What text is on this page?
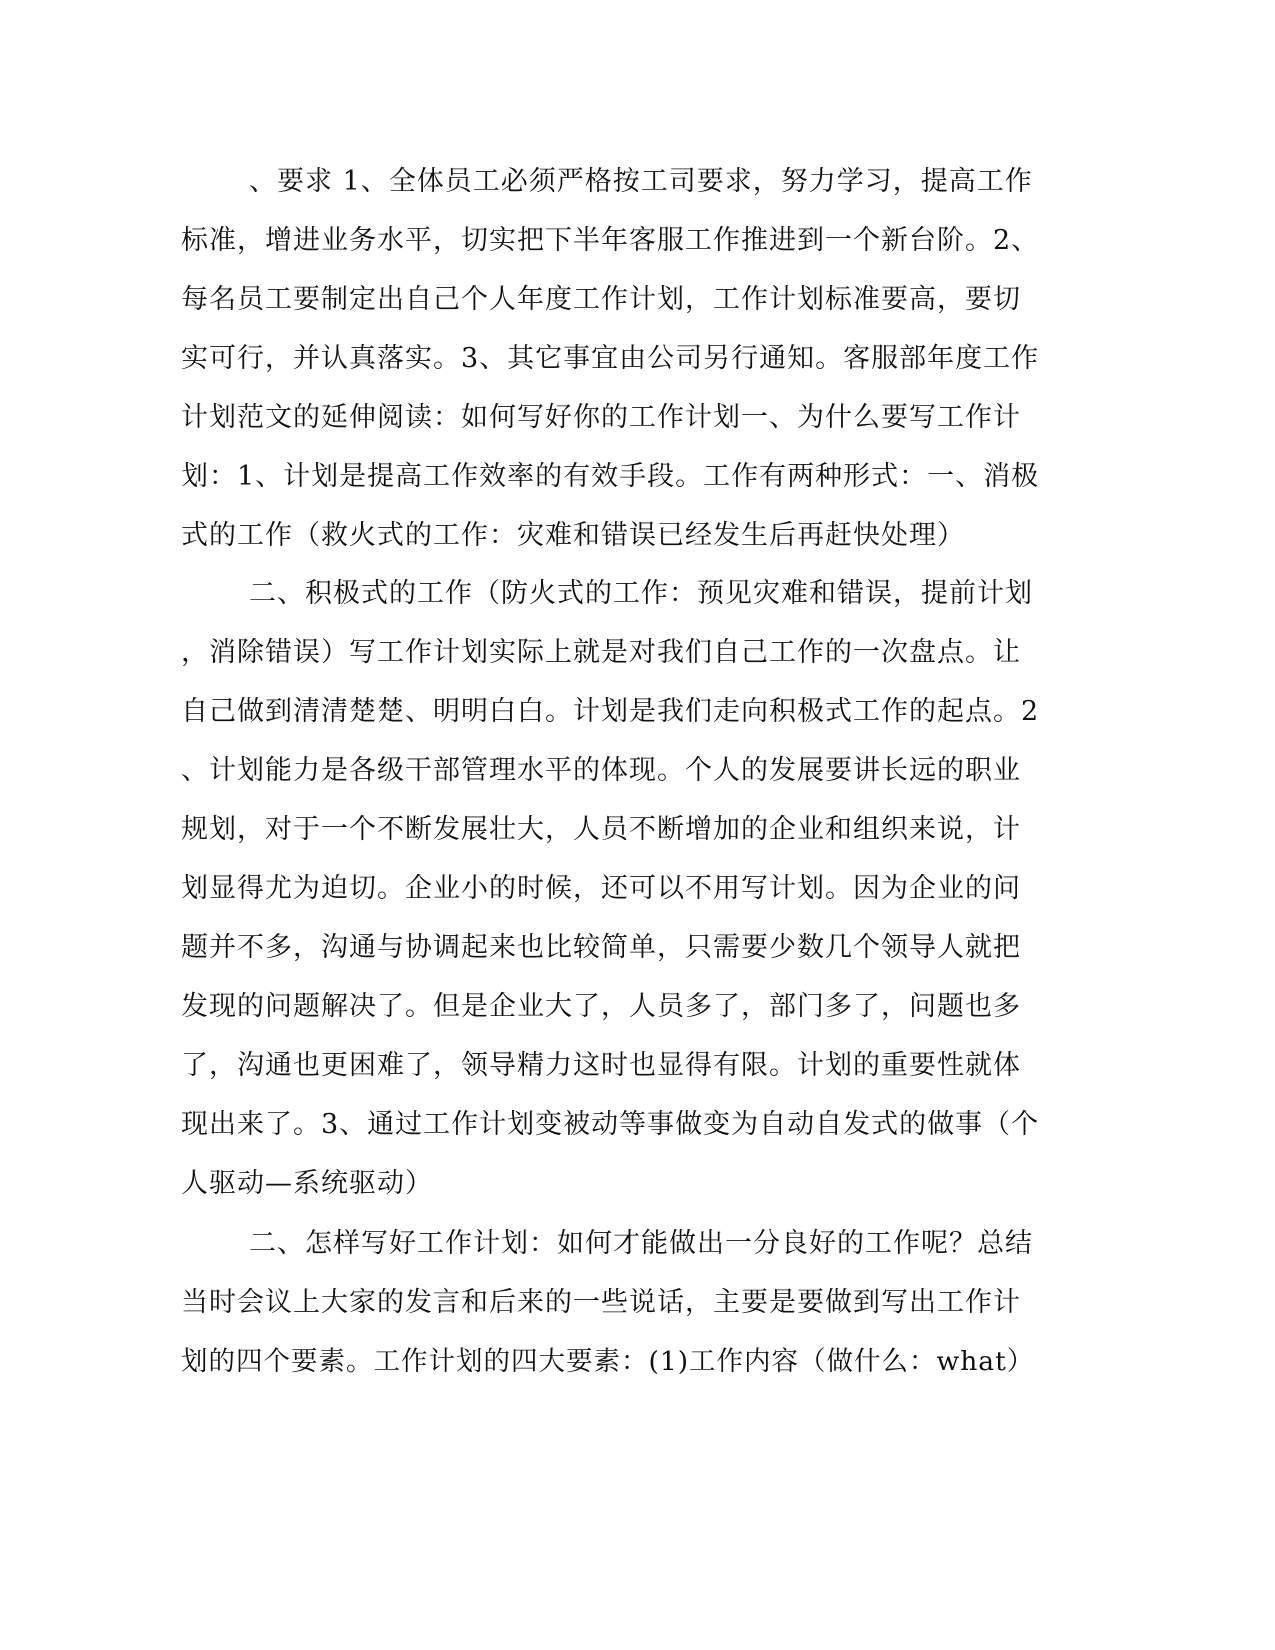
、要求 1、全体员工必须严格按工司要求，努力学习，提高工作
标准，增进业务水平，切实把下半年客服工作推进到一个新台阶。2、
每名员工要制定出自己个人年度工作计划，工作计划标准要高，要切
实可行，并认真落实。3、其它事宜由公司另行通知。客服部年度工作
计划范文的延伸阅读：如何写好你的工作计划一、为什么要写工作计
划：1、计划是提高工作效率的有效手段。工作有两种形式：一、消极
式的工作（救火式的工作：灾难和错误已经发生后再赶快处理）
二、积极式的工作（防火式的工作：预见灾难和错误，提前计划
，消除错误）写工作计划实际上就是对我们自己工作的一次盘点。让
自己做到清清楚楚、明明白白。计划是我们走向积极式工作的起点。2
、计划能力是各级干部管理水平的体现。个人的发展要讲长远的职业
规划，对于一个不断发展壮大，人员不断增加的企业和组织来说，计
划显得尤为迫切。企业小的时候，还可以不用写计划。因为企业的问
题并不多，沟通与协调起来也比较简单，只需要少数几个领导人就把
发现的问题解决了。但是企业大了，人员多了，部门多了，问题也多
了，沟通也更困难了，领导精力这时也显得有限。计划的重要性就体
现出来了。3、通过工作计划变被动等事做变为自动自发式的做事（个
人驱动—系统驱动）
二、怎样写好工作计划：如何才能做出一分良好的工作呢？总结
当时会议上大家的发言和后来的一些说话，主要是要做到写出工作计
划的四个要素。工作计划的四大要素：(1)工作内容（做什么：what）
